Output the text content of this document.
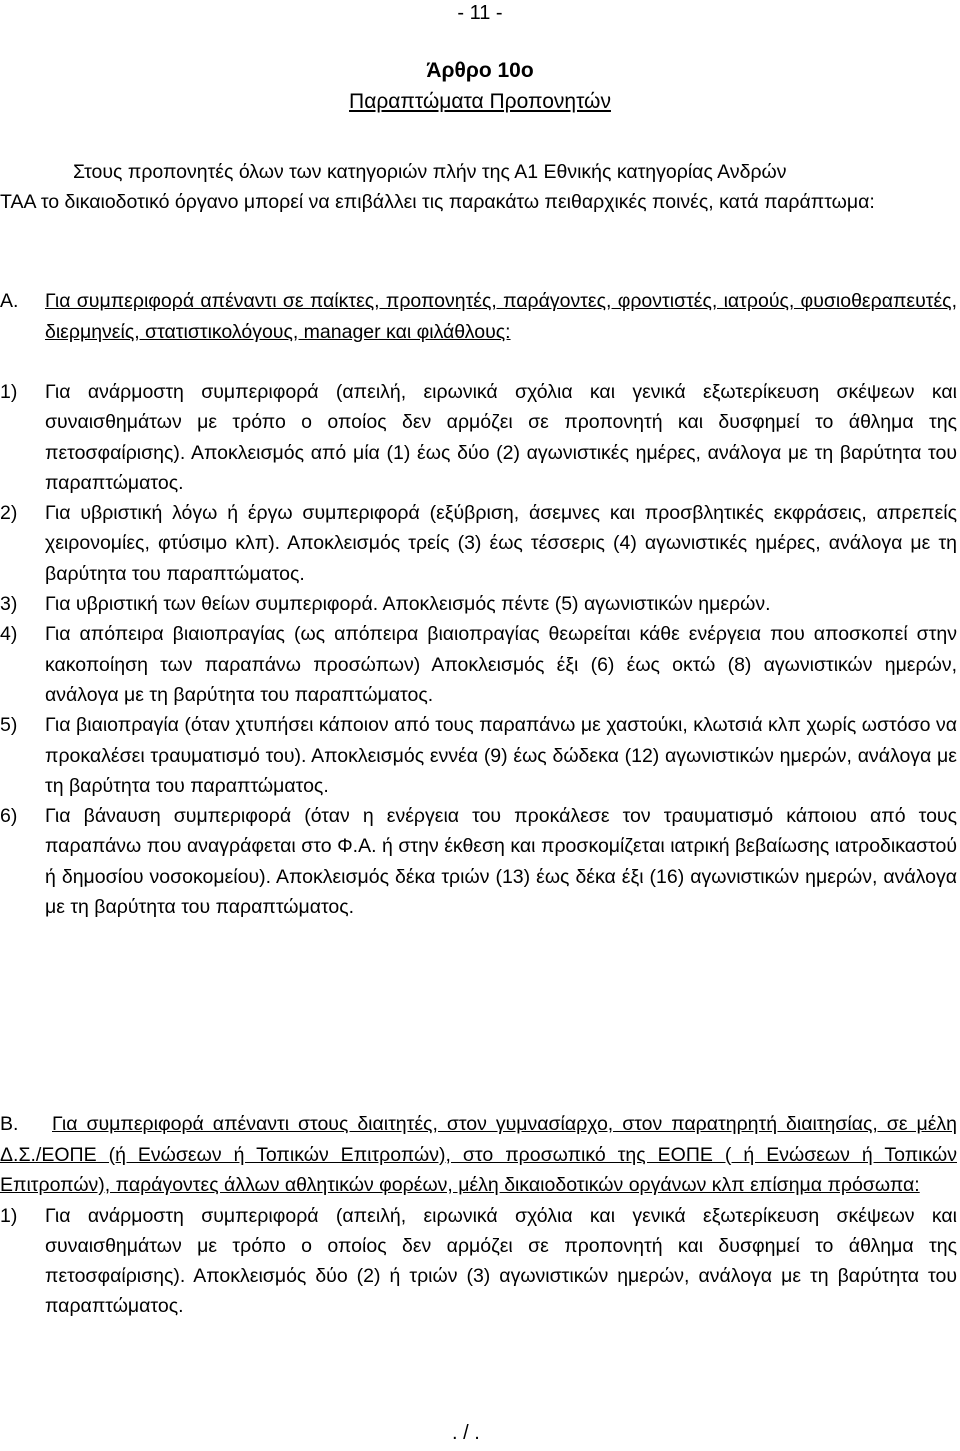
- 11 -
Άρθρο 10ο
Παραπτώματα Προπονητών
Στους προπονητές όλων των κατηγοριών πλήν της Α1 Εθνικής κατηγορίας Ανδρών
ΤΑΑ το δικαιοδοτικό όργανο μπορεί να επιβάλλει τις παρακάτω πειθαρχικές ποινές, κατά παράπτωμα:
Α.	Για συμπεριφορά απέναντι σε παίκτες, προπονητές, παράγοντες, φροντιστές, ιατρούς, φυσιοθεραπευτές, διερμηνείς, στατιστικολόγους, manager και φιλάθλους:
1)	Για ανάρμοστη συμπεριφορά (απειλή, ειρωνικά σχόλια και γενικά εξωτερίκευση σκέψεων και συναισθημάτων με τρόπο ο οποίος δεν αρμόζει σε προπονητή και δυσφημεί το άθλημα της πετοσφαίρισης). Αποκλεισμός από μία (1) έως δύο (2) αγωνιστικές ημέρες, ανάλογα με τη βαρύτητα του παραπτώματος.
2)	Για υβριστική λόγω ή έργω συμπεριφορά (εξύβριση, άσεμνες και προσβλητικές εκφράσεις, απρεπείς χειρονομίες, φτύσιμο κλπ). Αποκλεισμός τρείς (3) έως τέσσερις (4) αγωνιστικές ημέρες, ανάλογα με τη βαρύτητα του παραπτώματος.
3)	Για υβριστική των θείων συμπεριφορά. Αποκλεισμός πέντε (5) αγωνιστικών ημερών.
4)	Για απόπειρα βιαιοπραγίας (ως απόπειρα βιαιοπραγίας θεωρείται κάθε ενέργεια που αποσκοπεί στην κακοποίηση των παραπάνω προσώπων) Αποκλεισμός έξι (6) έως οκτώ (8) αγωνιστικών ημερών, ανάλογα με τη βαρύτητα του παραπτώματος.
5)	Για βιαιοπραγία (όταν χτυπήσει κάποιον από τους παραπάνω με χαστούκι, κλωτσιά κλπ χωρίς ωστόσο να προκαλέσει τραυματισμό του). Αποκλεισμός εννέα (9) έως δώδεκα (12) αγωνιστικών ημερών, ανάλογα με τη βαρύτητα του παραπτώματος.
6)	Για βάναυση συμπεριφορά (όταν η ενέργεια του προκάλεσε τον τραυματισμό κάποιου από τους παραπάνω που αναγράφεται στο Φ.Α. ή στην έκθεση και προσκομίζεται ιατρική βεβαίωσης ιατροδικαστού ή δημοσίου νοσοκομείου). Αποκλεισμός δέκα τριών (13) έως δέκα έξι (16) αγωνιστικών ημερών, ανάλογα με τη βαρύτητα του παραπτώματος.
Β.	Για συμπεριφορά απέναντι στους διαιτητές, στον γυμνασίαρχο, στον παρατηρητή διαιτησίας, σε μέλη Δ.Σ./ΕΟΠΕ (ή Ενώσεων ή Τοπικών Επιτροπών), στο προσωπικό της ΕΟΠΕ ( ή Ενώσεων ή Τοπικών Επιτροπών), παράγοντες άλλων αθλητικών φορέων, μέλη δικαιοδοτικών οργάνων κλπ επίσημα πρόσωπα:
1)	Για ανάρμοστη συμπεριφορά (απειλή, ειρωνικά σχόλια και γενικά εξωτερίκευση σκέψεων και συναισθημάτων με τρόπο ο οποίος δεν αρμόζει σε προπονητή και δυσφημεί το άθλημα της πετοσφαίρισης). Αποκλεισμός δύο (2) ή τριών (3) αγωνιστικών ημερών, ανάλογα με τη βαρύτητα του παραπτώματος.
. / .
